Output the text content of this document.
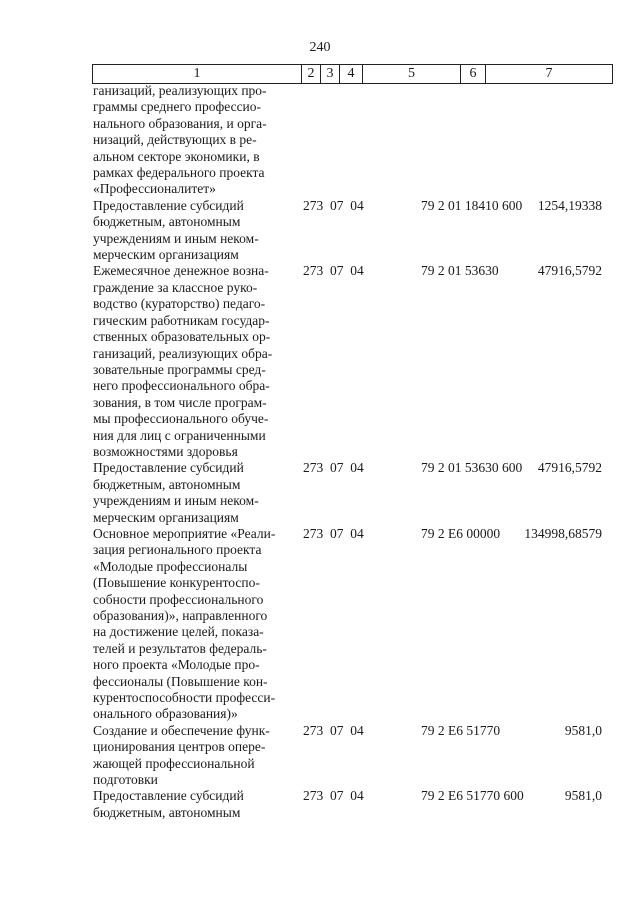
240
1	2	3	4	5	6	7
ганизаций, реализующих про-
граммы среднего профессио-
нального образования, и орга-
низаций, действующих в ре-
альном секторе экономики, в
рамках федерального проекта
«Профессионалитет»

Предоставление субсидий
бюджетным, автономным
учреждениям и иным неком-
мерческим организациям
273 07 04	79 2 01 18410 600	1254,19338
Ежемесячное денежное возна-
граждение за классное руко-
водство (кураторство) педаго-
гическим работникам государ-
ственных образовательных ор-
ганизаций, реализующих обра-
зовательные программы сред-
него профессионального обра-
зования, в том числе програм-
мы профессионального обуче-
ния для лиц с ограниченными
возможностями здоровья
273 07 04	79 2 01 53630	47916,5792
Предоставление субсидий
бюджетным, автономным
учреждениям и иным неком-
мерческим организациям
273 07 04	79 2 01 53630 600	47916,5792
Основное мероприятие «Реали-
зация регионального проекта
«Молодые профессионалы
(Повышение конкурентоспо-
собности профессионального
образования)», направленного
на достижение целей, показа-
телей и результатов федераль-
ного проекта «Молодые про-
фессионалы (Повышение кон-
курентоспособности професси-
онального образования)»
273 07 04	79 2 Е6 00000	134998,68579
Создание и обеспечение функ-
ционирования центров опере-
жающей профессиональной
подготовки
273 07 04	79 2 Е6 51770	9581,0
Предоставление субсидий
бюджетным, автономным
273 07 04	79 2 Е6 51770 600	9581,0
